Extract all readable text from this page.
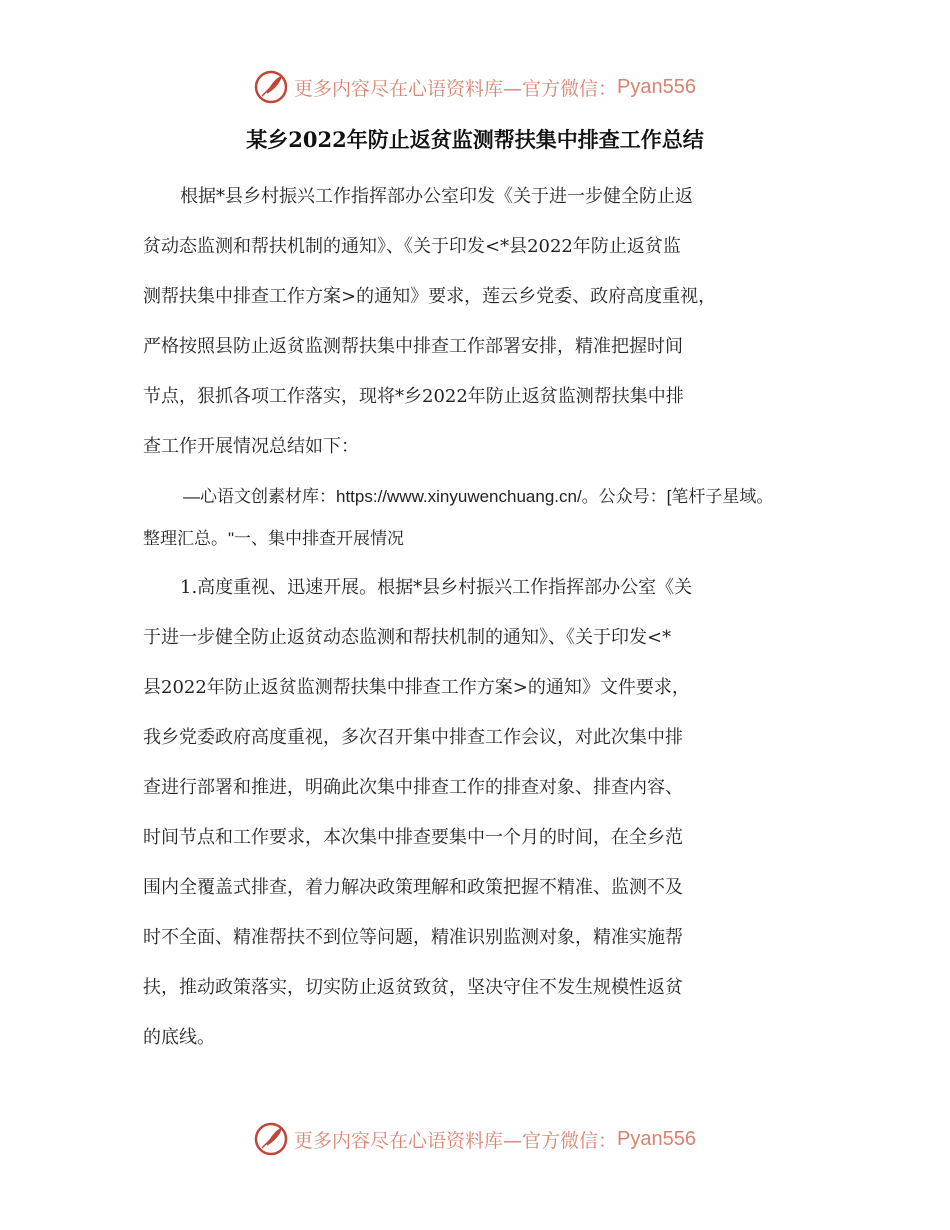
更多内容尽在心语资料库—官方微信： Pyan556
某乡2022年防止返贫监测帮扶集中排查工作总结
根据*县乡村振兴工作指挥部办公室印发《关于进一步健全防止返
贫动态监测和帮扶机制的通知》、《关于印发<*县2022年防止返贫监
测帮扶集中排查工作方案>的通知》要求，莲云乡党委、政府高度重视，
严格按照县防止返贫监测帮扶集中排查工作部署安排，精准把握时间
节点，狠抓各项工作落实，现将*乡2022年防止返贫监测帮扶集中排
查工作开展情况总结如下：
—心语文创素材库：https://www.xinyuwenchuang.cn/。公众号：[笔杆子星域。
整理汇总。"一、集中排查开展情况
1.高度重视、迅速开展。根据*县乡村振兴工作指挥部办公室《关
于进一步健全防止返贫动态监测和帮扶机制的通知》、《关于印发<*
县2022年防止返贫监测帮扶集中排查工作方案>的通知》文件要求，
我乡党委政府高度重视，多次召开集中排查工作会议，对此次集中排
查进行部署和推进，明确此次集中排查工作的排查对象、排查内容、
时间节点和工作要求，本次集中排查要集中一个月的时间，在全乡范
围内全覆盖式排查，着力解决政策理解和政策把握不精准、监测不及
时不全面、精准帮扶不到位等问题，精准识别监测对象，精准实施帮
扶，推动政策落实，切实防止返贫致贫，坚决守住不发生规模性返贫
的底线。
更多内容尽在心语资料库—官方微信： Pyan556
